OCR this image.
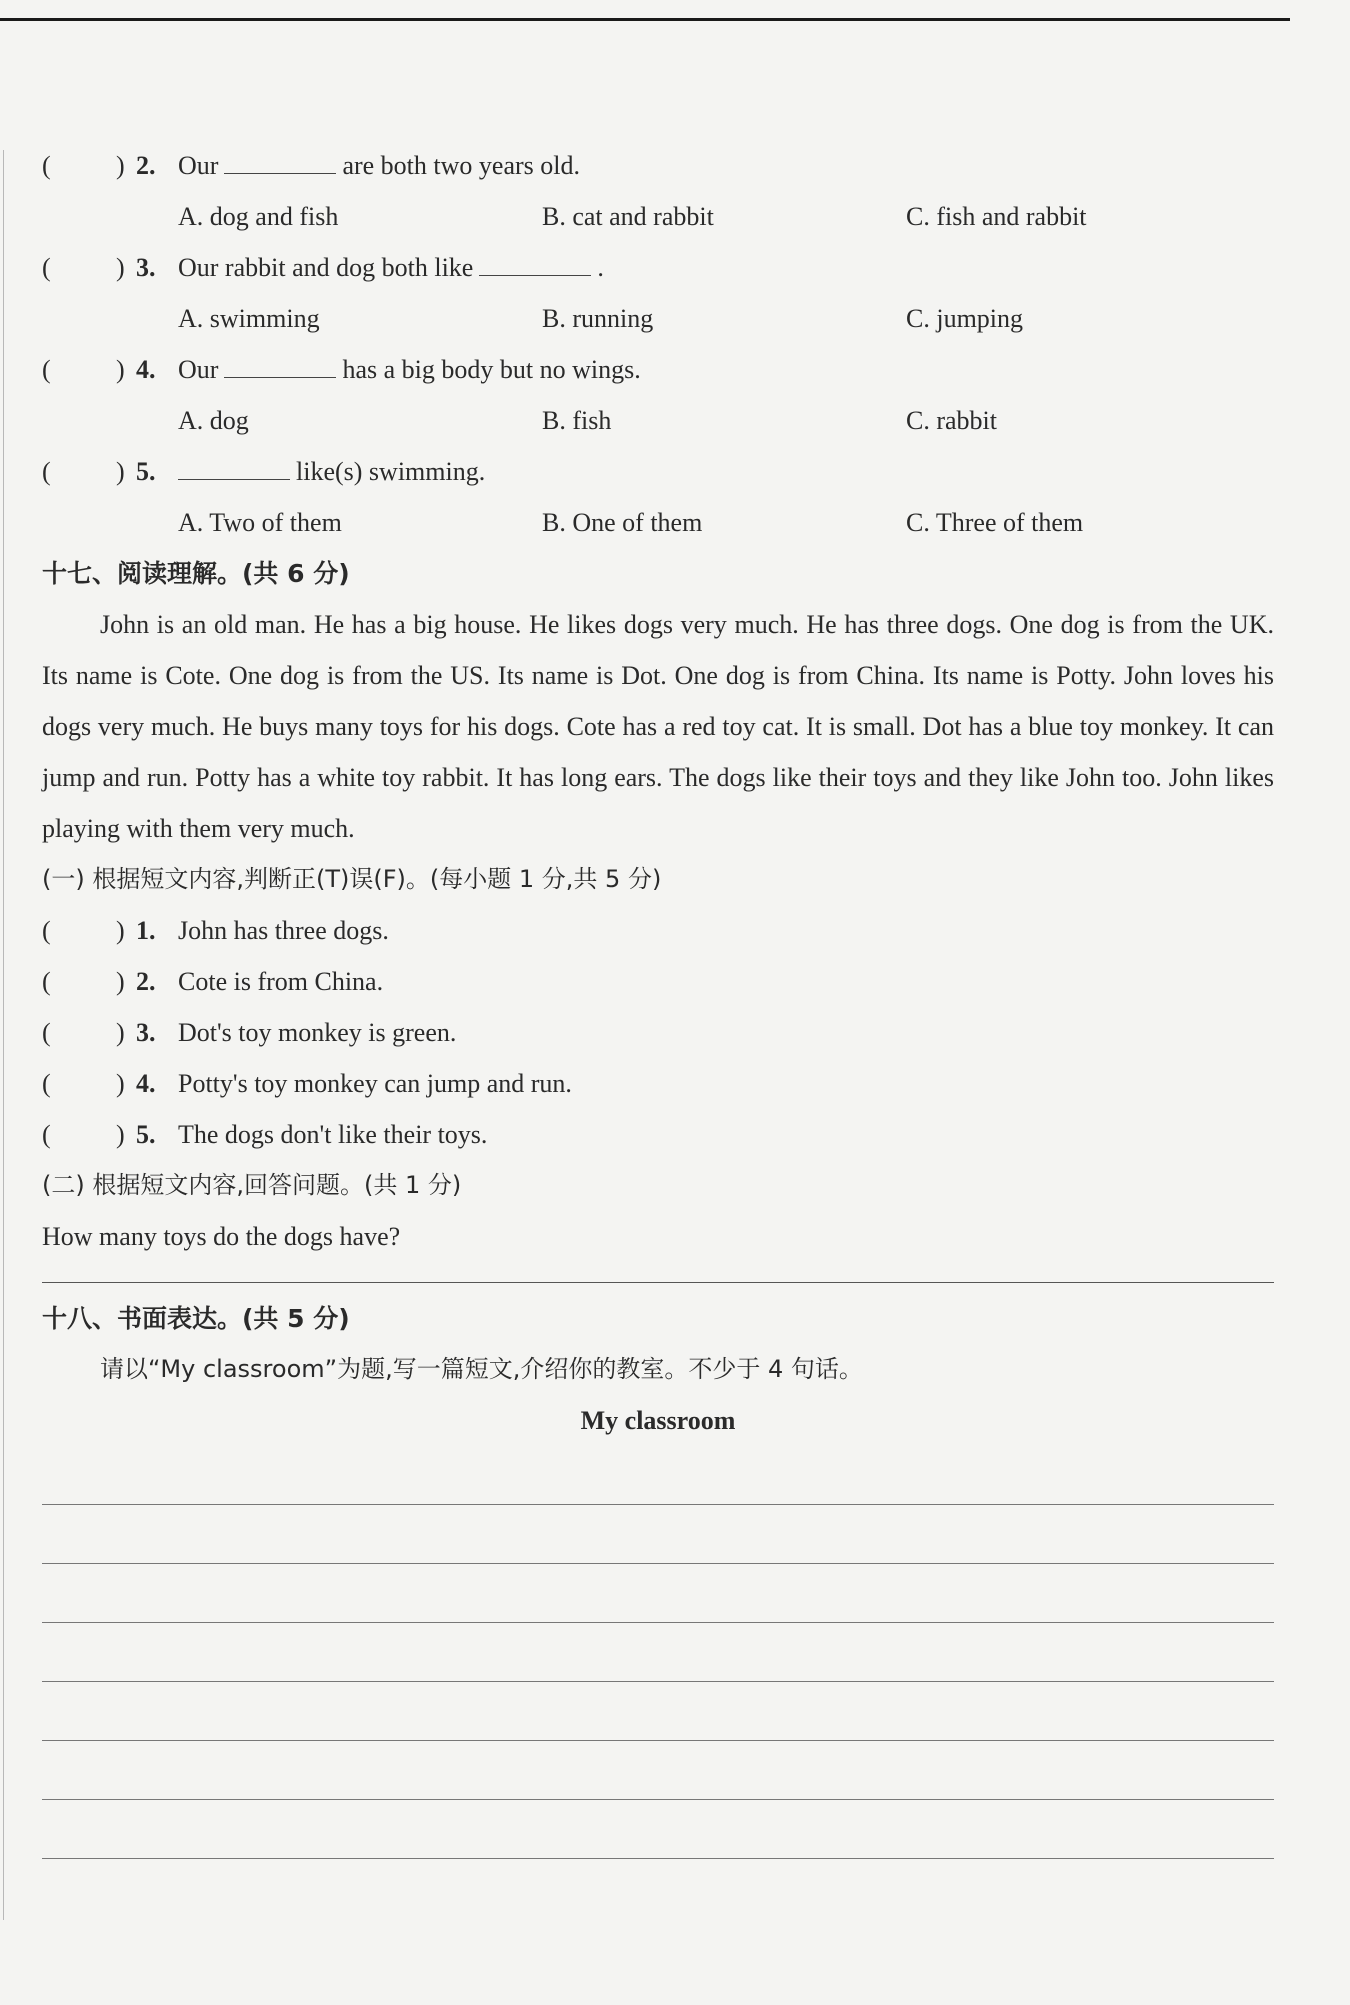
(	) 2. Our	are both two years old.
A. dog and fish	B. cat and rabbit	C. fish and rabbit
(	) 3. Our rabbit and dog both like	.
A. swimming	B. running	C. jumping
(	) 4. Our	has a big body but no wings.
A. dog	B. fish	C. rabbit
(	) 5.	like(s) swimming.
A. Two of them	B. One of them	C. Three of them
十七、阅读理解。(共 6 分)
John is an old man. He has a big house. He likes dogs very much. He has three dogs. One dog is from the UK. Its name is Cote. One dog is from the US. Its name is Dot. One dog is from China. Its name is Potty. John loves his dogs very much. He buys many toys for his dogs. Cote has a red toy cat. It is small. Dot has a blue toy monkey. It can jump and run. Potty has a white toy rabbit. It has long ears. The dogs like their toys and they like John too. John likes playing with them very much.
(一) 根据短文内容,判断正(T)误(F)。(每小题 1 分,共 5 分)
(	) 1. John has three dogs.
(	) 2. Cote is from China.
(	) 3. Dot's toy monkey is green.
(	) 4. Potty's toy monkey can jump and run.
(	) 5. The dogs don't like their toys.
(二) 根据短文内容,回答问题。(共 1 分)
How many toys do the dogs have?
十八、书面表达。(共 5 分)
请以“My classroom”为题,写一篇短文,介绍你的教室。不少于 4 句话。
My classroom
